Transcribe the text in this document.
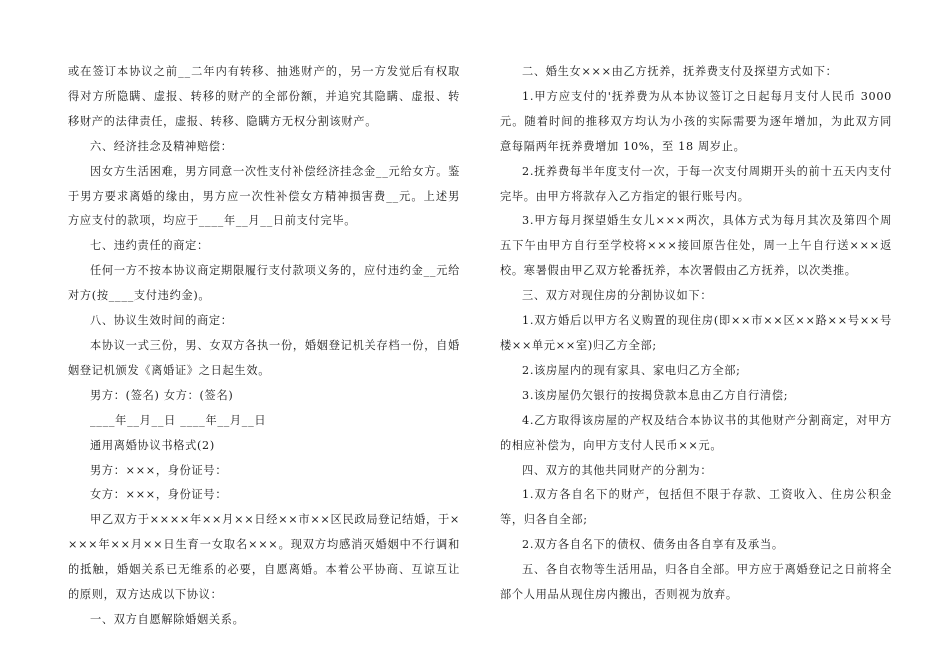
或在签订本协议之前__二年内有转移、抽逃财产的，另一方发觉后有权取得对方所隐瞒、虚报、转移的财产的全部份额，并追究其隐瞒、虚报、转移财产的法律责任，虚报、转移、隐瞒方无权分割该财产。

六、经济挂念及精神赔偿：

因女方生活困难，男方同意一次性支付补偿经济挂念金__元给女方。鉴于男方要求离婚的缘由，男方应一次性补偿女方精神损害费__元。上述男方应支付的款项，均应于____年__月__日前支付完毕。

七、违约责任的商定：

任何一方不按本协议商定期限履行支付款项义务的，应付违约金__元给对方(按____支付违约金)。

八、协议生效时间的商定：

本协议一式三份，男、女双方各执一份，婚姻登记机关存档一份，自婚姻登记机颁发《离婚证》之日起生效。

男方：(签名) 女方：(签名)

____年__月__日 ____年__月__日

通用离婚协议书格式(2)

男方：×××，身份证号：

女方：×××，身份证号：

甲乙双方于××××年××月××日经××市××区民政局登记结婚，于××××年××月××日生育一女取名×××。现双方均感消灭婚姻中不行调和的抵触，婚姻关系已无维系的必要，自愿离婚。本着公平协商、互谅互让的原则，双方达成以下协议：

一、双方自愿解除婚姻关系。

二、婚生女×××由乙方抚养，抚养费支付及探望方式如下：

1.甲方应支付的'抚养费为从本协议签订之日起每月支付人民币 3000 元。随着时间的推移双方均认为小孩的实际需要为逐年增加，为此双方同意每隔两年抚养费增加 10%，至 18 周岁止。

2.抚养费每半年度支付一次，于每一次支付周期开头的前十五天内支付完毕。由甲方将款存入乙方指定的银行账号内。

3.甲方每月探望婚生女儿×××两次，具体方式为每月其次及第四个周五下午由甲方自行至学校将×××接回原告住处，周一上午自行送×××返校。寒暑假由甲乙双方轮番抚养，本次署假由乙方抚养，以次类推。

三、双方对现住房的分割协议如下：

1.双方婚后以甲方名义购置的现住房(即××市××区××路××号××号楼××单元××室)归乙方全部;

2.该房屋内的现有家具、家电归乙方全部;

3.该房屋仍欠银行的按揭贷款本息由乙方自行清偿;

4.乙方取得该房屋的产权及结合本协议书的其他财产分割商定，对甲方的相应补偿为，向甲方支付人民币××元。

四、双方的其他共同财产的分割为：

1.双方各自名下的财产，包括但不限于存款、工资收入、住房公积金等，归各自全部;

2.双方各自名下的债权、债务由各自享有及承当。

五、各自衣物等生活用品，归各自全部。甲方应于离婚登记之日前将全部个人用品从现住房内搬出，否则视为放弃。
